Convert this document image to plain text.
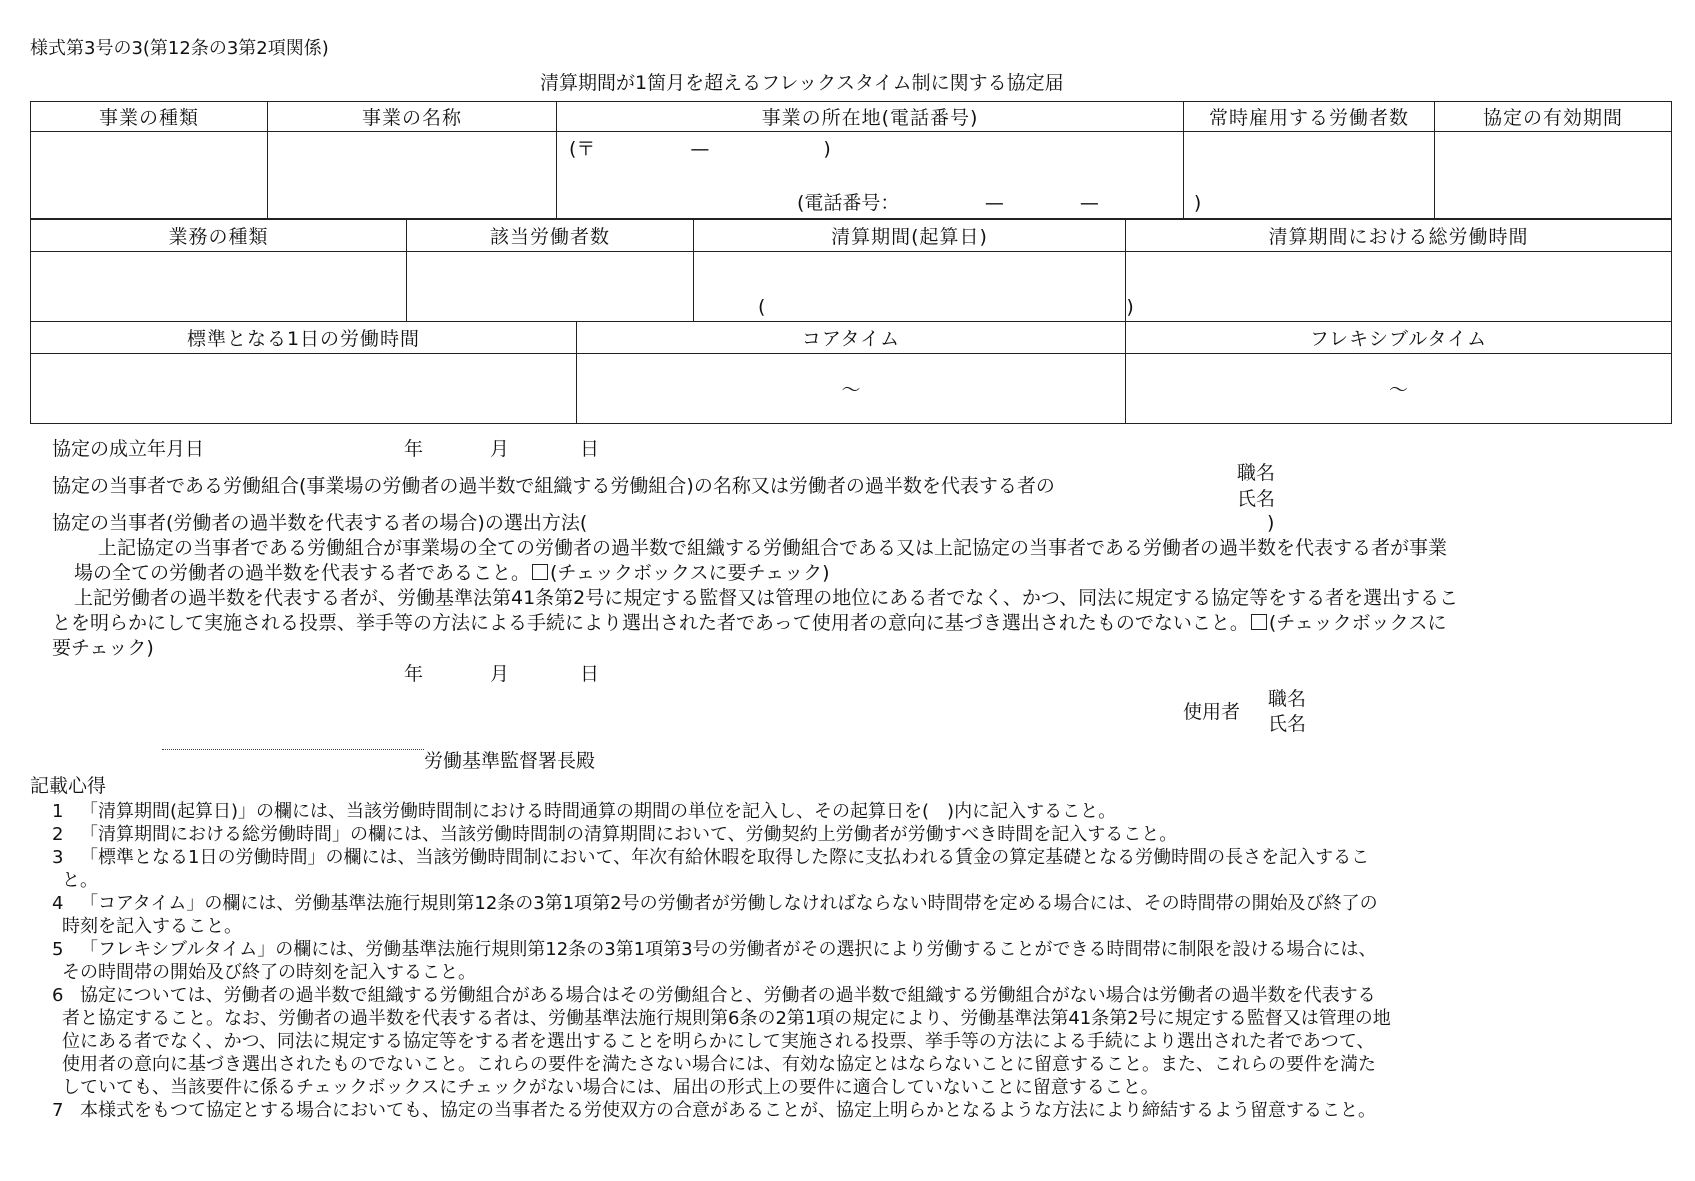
様式第3号の3(第12条の3第2項関係)
清算期間が1箇月を超えるフレックスタイム制に関する協定届
事業の種類	事業の名称	事業の所在地(電話番号)	常時雇用する労働者数	協定の有効期間

		(〒　　　　　—　　　　　　)
(電話番号：　　　　　—　　　　—　　　　　)		

業務の種類	該当労働者数	清算期間(起算日)	清算期間における総労働時間

		(　　　　　　　　　　　　　　　　　　　)	

標準となる1日の労働時間	コアタイム	フレキシブルタイム
	～	～
協定の成立年月日	年	月	日
協定の当事者である労働組合(事業場の労働者の過半数で組織する労働組合)の名称又は労働者の過半数を代表する者の
職名
氏名
協定の当事者(労働者の過半数を代表する者の場合)の選出方法(	)
上記協定の当事者である労働組合が事業場の全ての労働者の過半数で組織する労働組合である又は上記協定の当事者である労働者の過半数を代表する者が事業
場の全ての労働者の過半数を代表する者であること。 (チェックボックスに要チェック)
上記労働者の過半数を代表する者が、労働基準法第41条第2号に規定する監督又は管理の地位にある者でなく、かつ、同法に規定する協定等をする者を選出するこ
とを明らかにして実施される投票、挙手等の方法による手続により選出された者であって使用者の意向に基づき選出されたものでないこと。 (チェックボックスに
要チェック)
年	月	日
使用者
職名
氏名
労働基準監督署長殿
記載心得
1 「清算期間(起算日)」の欄には、当該労働時間制における時間通算の期間の単位を記入し、その起算日を(　)内に記入すること。
2 「清算期間における総労働時間」の欄には、当該労働時間制の清算期間において、労働契約上労働者が労働すべき時間を記入すること。
3 「標準となる1日の労働時間」の欄には、当該労働時間制において、年次有給休暇を取得した際に支払われる賃金の算定基礎となる労働時間の長さを記入するこ
と。
4 「コアタイム」の欄には、労働基準法施行規則第12条の3第1項第2号の労働者が労働しなければならない時間帯を定める場合には、その時間帯の開始及び終了の
時刻を記入すること。
5 「フレキシブルタイム」の欄には、労働基準法施行規則第12条の3第1項第3号の労働者がその選択により労働することができる時間帯に制限を設ける場合には、
その時間帯の開始及び終了の時刻を記入すること。
6 協定については、労働者の過半数で組織する労働組合がある場合はその労働組合と、労働者の過半数で組織する労働組合がない場合は労働者の過半数を代表する
者と協定すること。なお、労働者の過半数を代表する者は、労働基準法施行規則第6条の2第1項の規定により、労働基準法第41条第2号に規定する監督又は管理の地
位にある者でなく、かつ、同法に規定する協定等をする者を選出することを明らかにして実施される投票、挙手等の方法による手続により選出された者であつて、
使用者の意向に基づき選出されたものでないこと。これらの要件を満たさない場合には、有効な協定とはならないことに留意すること。また、これらの要件を満た
していても、当該要件に係るチェックボックスにチェックがない場合には、届出の形式上の要件に適合していないことに留意すること。
7 本様式をもつて協定とする場合においても、協定の当事者たる労使双方の合意があることが、協定上明らかとなるような方法により締結するよう留意すること。
